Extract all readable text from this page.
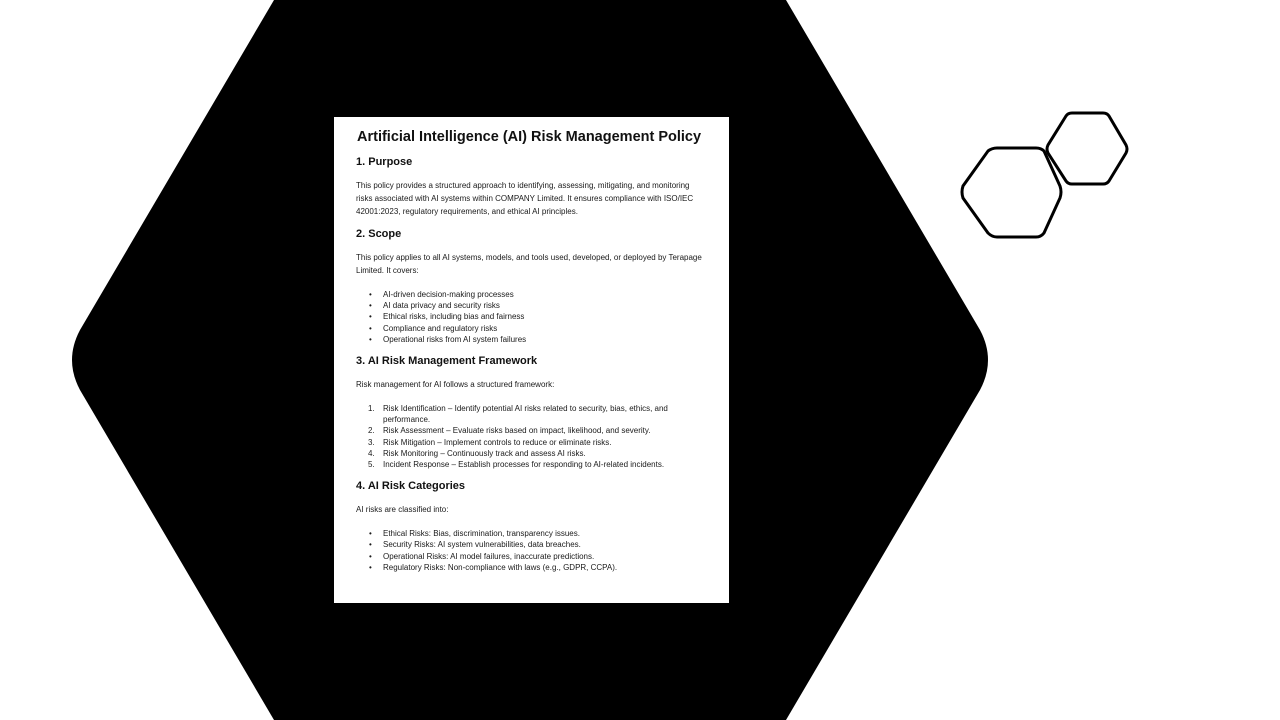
Artificial Intelligence (AI) Risk Management Policy
1. Purpose

This policy provides a structured approach to identifying, assessing, mitigating, and monitoring risks associated with AI systems within COMPANY Limited. It ensures compliance with ISO/IEC 42001:2023, regulatory requirements, and ethical AI principles.

2. Scope

This policy applies to all AI systems, models, and tools used, developed, or deployed by Terapage Limited. It covers:

• AI-driven decision-making processes
• AI data privacy and security risks
• Ethical risks, including bias and fairness
• Compliance and regulatory risks
• Operational risks from AI system failures
3. AI Risk Management Framework

Risk management for AI follows a structured framework:

1. Risk Identification – Identify potential AI risks related to security, bias, ethics, and performance.
2. Risk Assessment – Evaluate risks based on impact, likelihood, and severity.
3. Risk Mitigation – Implement controls to reduce or eliminate risks.
4. Risk Monitoring – Continuously track and assess AI risks.
5. Incident Response – Establish processes for responding to AI-related incidents.
4. AI Risk Categories

AI risks are classified into:

• Ethical Risks: Bias, discrimination, transparency issues.
• Security Risks: AI system vulnerabilities, data breaches.
• Operational Risks: AI model failures, inaccurate predictions.
• Regulatory Risks: Non-compliance with laws (e.g., GDPR, CCPA).
